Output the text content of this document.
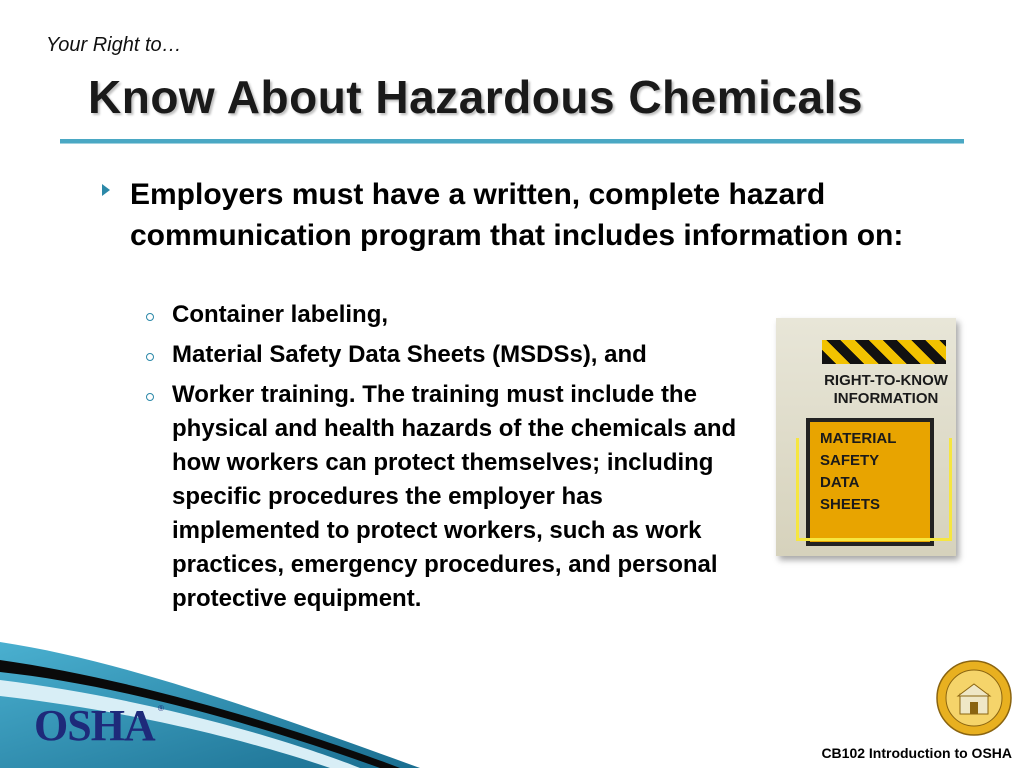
Your Right to…
Know About Hazardous Chemicals
Employers must have a written, complete hazard communication program that includes information on:
Container labeling,
Material Safety Data Sheets (MSDSs), and
Worker training. The training must include the physical and health hazards of the chemicals and how workers can protect themselves; including specific procedures the employer has implemented to protect workers, such as work practices, emergency procedures, and personal protective equipment.
RIGHT-TO-KNOW
INFORMATION
MATERIAL
SAFETY
DATA
SHEETS
OSHA ®
CB102 Introduction to OSHA
